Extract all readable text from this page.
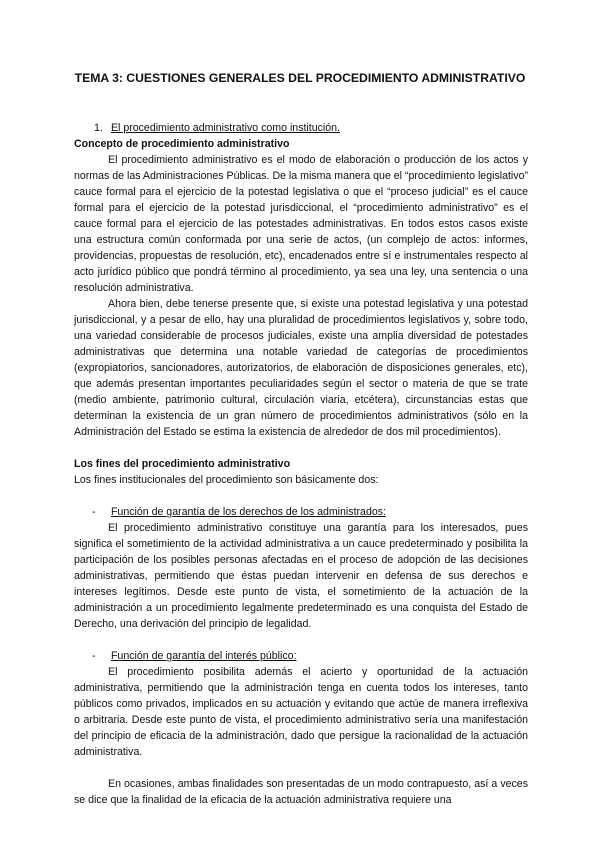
TEMA 3: CUESTIONES GENERALES DEL PROCEDIMIENTO ADMINISTRATIVO

1. El procedimiento administrativo como institución.

Concepto de procedimiento administrativo

El procedimiento administrativo es el modo de elaboración o producción de los actos y normas de las Administraciones Públicas. De la misma manera que el “procedimiento legislativo” cauce formal para el ejercicio de la potestad legislativa o que el “proceso judicial” es el cauce formal para el ejercicio de la potestad jurisdiccional, el “procedimiento administrativo” es el cauce formal para el ejercicio de las potestades administrativas. En todos estos casos existe una estructura común conformada por una serie de actos, (un complejo de actos: informes, providencias, propuestas de resolución, etc), encadenados entre sí e instrumentales respecto al acto jurídico público que pondrá término al procedimiento, ya sea una ley, una sentencia o una resolución administrativa.

Ahora bien, debe tenerse presente que, si existe una potestad legislativa y una potestad jurisdiccional, y a pesar de ello, hay una pluralidad de procedimientos legislativos y, sobre todo, una variedad considerable de procesos judiciales, existe una amplia diversidad de potestades administrativas que determina una notable variedad de categorías de procedimientos (expropiatorios, sancionadores, autorizatorios, de elaboración de disposiciones generales, etc), que además presentan importantes peculiaridades según el sector o materia de que se trate (medio ambiente, patrimonio cultural, circulación viaria, etcétera), circunstancias estas que determinan la existencia de un gran número de procedimientos administrativos (sólo en la Administración del Estado se estima la existencia de alrededor de dos mil procedimientos).

Los fines del procedimiento administrativo

Los fines institucionales del procedimiento son básicamente dos:

- Función de garantía de los derechos de los administrados:

El procedimiento administrativo constituye una garantía para los interesados, pues significa el sometimiento de la actividad administrativa a un cauce predeterminado y posibilita la participación de los posibles personas afectadas en el proceso de adopción de las decisiones administrativas, permitiendo que éstas puedan intervenir en defensa de sus derechos e intereses legítimos. Desde este punto de vista, el sometimiento de la actuación de la administración a un procedimiento legalmente predeterminado es una conquista del Estado de Derecho, una derivación del principio de legalidad.

- Función de garantía del interés público:

El procedimiento posibilita además el acierto y oportunidad de la actuación administrativa, permitiendo que la administración tenga en cuenta todos los intereses, tanto públicos como privados, implicados en su actuación y evitando que actúe de manera irreflexiva o arbitraria. Desde este punto de vista, el procedimiento administrativo sería una manifestación del principio de eficacia de la administración, dado que persigue la racionalidad de la actuación administrativa.

En ocasiones, ambas finalidades son presentadas de un modo contrapuesto, así a veces se dice que la finalidad de la eficacia de la actuación administrativa requiere una
